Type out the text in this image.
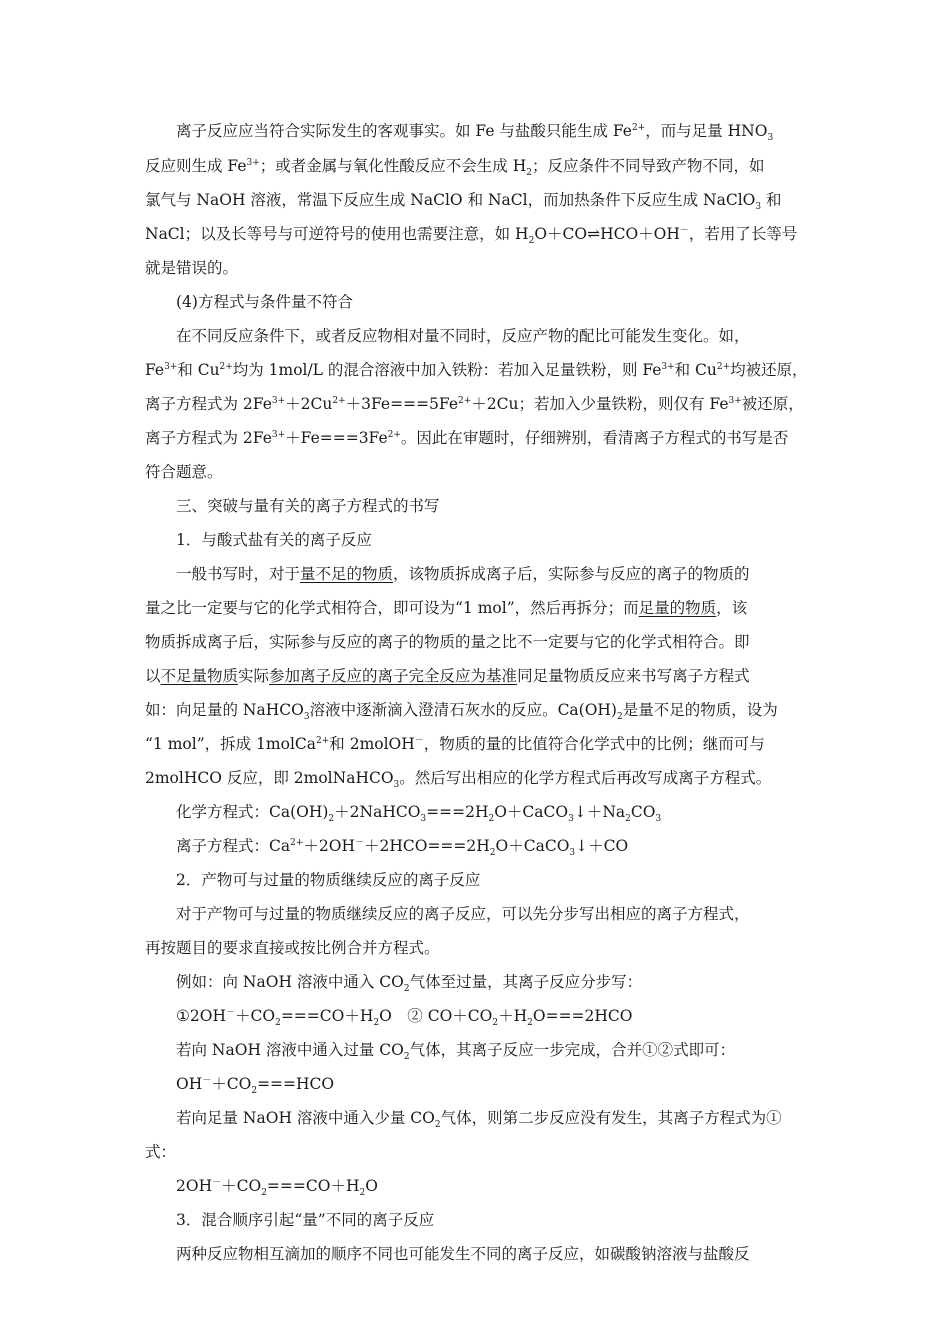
离子反应应当符合实际发生的客观事实。如 Fe 与盐酸只能生成 $Fe^{2+}$，而与足量 $HNO_3$
反应则生成 $Fe^{3+}$；或者金属与氧化性酸反应不会生成 $H_2$；反应条件不同导致产物不同，如
氯气与 NaOH 溶液，常温下反应生成 NaClO 和 NaCl，而加热条件下反应生成 NaClO$_3$ 和
NaCl；以及长等号与可逆符号的使用也需要注意，如 $H_2O+CO\rightleftharpoons HCO+OH^-$，若用了长等号
就是错误的。
(4)方程式与条件量不符合
在不同反应条件下，或者反应物相对量不同时，反应产物的配比可能发生变化。如，
$Fe^{3+}$和 $Cu^{2+}$均为 1mol/L 的混合溶液中加入铁粉：若加入足量铁粉，则 $Fe^{3+}$和 $Cu^{2+}$均被还原，
离子方程式为 $2Fe^{3+}+2Cu^{2+}+3Fe===5Fe^{2+}+2Cu$；若加入少量铁粉，则仅有 $Fe^{3+}$被还原，
离子方程式为 $2Fe^{3+}+Fe===3Fe^{2+}$。因此在审题时，仔细辨别，看清离子方程式的书写是否
符合题意。
三、突破与量有关的离子方程式的书写
1．与酸式盐有关的离子反应
一般书写时，对于量不足的物质，该物质拆成离子后，实际参与反应的离子的物质的
量之比一定要与它的化学式相符合，即可设为“1 mol”，然后再拆分；而足量的物质，该
物质拆成离子后，实际参与反应的离子的物质的量之比不一定要与它的化学式相符合。即
以不足量物质实际参加离子反应的离子完全反应为基准同足量物质反应来书写离子方程式
如：向足量的 NaHCO$_3$溶液中逐渐滴入澄清石灰水的反应。$Ca(OH)_2$是量不足的物质，设为
“1 mol”，拆成 1molCa$^{2+}$和 2molOH－，物质的量的比值符合化学式中的比例；继而可与
2molHCO 反应，即 2molNaHCO$_3$。然后写出相应的化学方程式后再改写成离子方程式。
化学方程式：$Ca(OH)_2+2NaHCO_3===2H_2O+CaCO_3↓+Na_2CO_3$
离子方程式：$Ca^{2+}+2OH^-+2HCO===2H_2O+CaCO_3↓+CO$
2．产物可与过量的物质继续反应的离子反应
对于产物可与过量的物质继续反应的离子反应，可以先分步写出相应的离子方程式，
再按题目的要求直接或按比例合并方程式。
例如：向 NaOH 溶液中通入 $CO_2$气体至过量，其离子反应分步写：
$①2OH^-+CO_2===CO+H_2O$　② $CO+CO_2+H_2O===2HCO$
若向 NaOH 溶液中通入过量 $CO_2$气体，其离子反应一步完成，合并①②式即可：
$OH^-+CO_2===HCO$
若向足量 NaOH 溶液中通入少量 $CO_2$气体，则第二步反应没有发生，其离子方程式为①
式：
$2OH^-+CO_2===CO+H_2O$
3．混合顺序引起“量”不同的离子反应
两种反应物相互滴加的顺序不同也可能发生不同的离子反应，如碳酸钠溶液与盐酸反
